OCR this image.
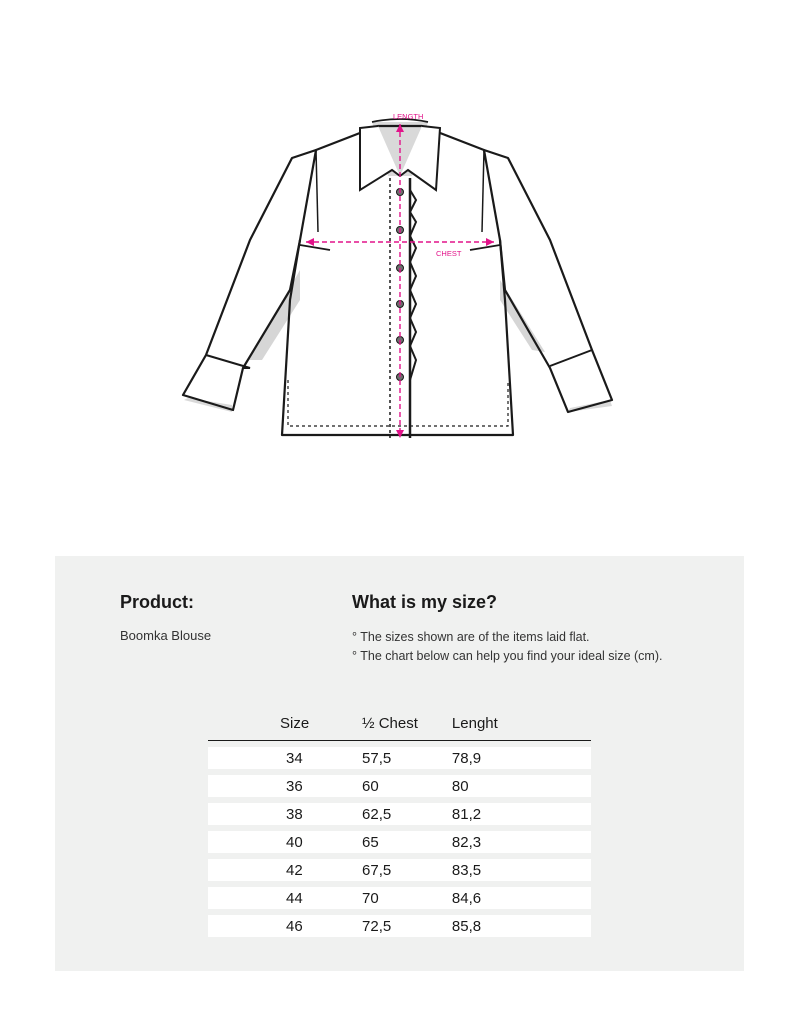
LENGTH
CHEST
Product:
Boomka Blouse
What is my size?
° The sizes shown are of the items laid flat.
° The chart below can help you find your ideal size (cm).
Size	½ Chest	Lenght	
34	57,5	78,9	
36	60	80	
38	62,5	81,2	
40	65	82,3	
42	67,5	83,5	
44	70	84,6	
46	72,5	85,8	
